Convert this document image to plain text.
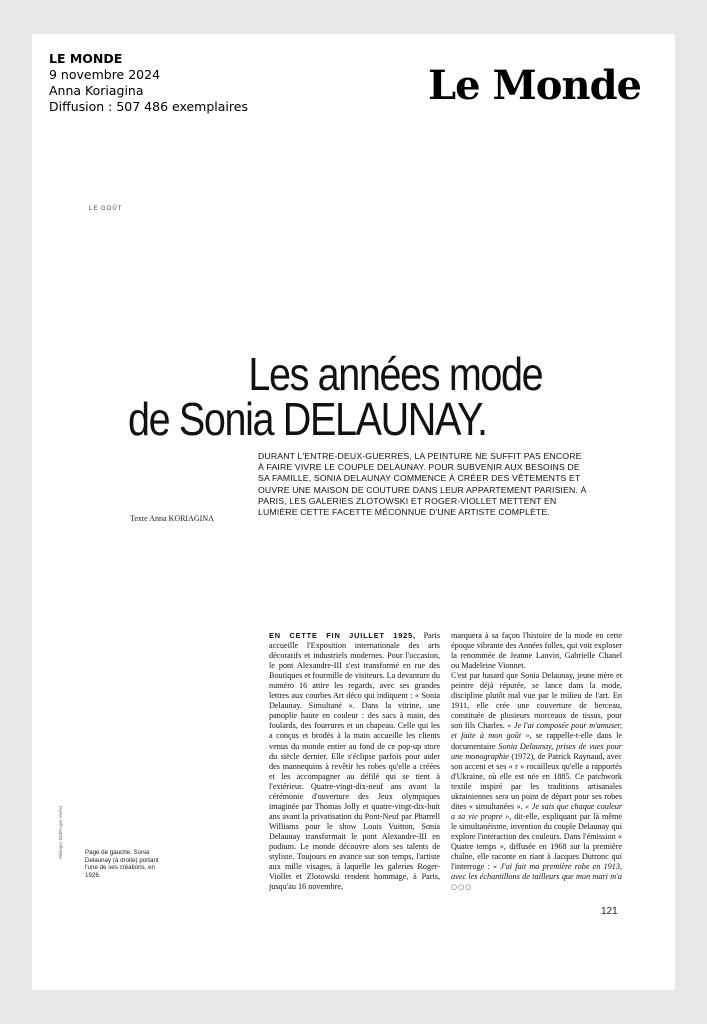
LE MONDE
9 novembre 2024
Anna Koriagina
Diffusion : 507 486 exemplaires	Le Monde
LE GOÛT
Les années mode
de Sonia DELAUNAY.
DURANT L'ENTRE-DEUX-GUERRES, LA PEINTURE NE SUFFIT PAS ENCORE À FAIRE VIVRE LE COUPLE DELAUNAY. POUR SUBVENIR AUX BESOINS DE SA FAMILLE, SONIA DELAUNAY COMMENCE À CRÉER DES VÊTEMENTS ET OUVRE UNE MAISON DE COUTURE DANS LEUR APPARTEMENT PARISIEN. À PARIS, LES GALERIES ZLOTOWSKI ET ROGER-VIOLLET METTENT EN LUMIÈRE CETTE FACETTE MÉCONNUE D'UNE ARTISTE COMPLÈTE.
Texte Anna KORIAGINA

EN CETTE FIN JUILLET 1925, Paris accueille l'Exposition internationale des arts décoratifs et industriels modernes. Pour l'occasion, le pont Alexandre-III s'est transformé en rue des Boutiques et fourmille de visiteurs. La devanture du numéro 16 attire les regards, avec ses grandes lettres aux courbes Art déco qui indiquent : « Sonia Delaunay. Simultané ». Dans la vitrine, une panoplie haute en couleur : des sacs à main, des foulards, des fourrures et un chapeau. Celle qui les a conçus et brodés à la main accueille les clients venus du monde entier au fond de ce pop-up store du siècle dernier. Elle s'éclipse parfois pour aider des mannequins à revêtir les robes qu'elle a créées et les accompagner au défilé qui se tient à l'extérieur. Quatre-vingt-dix-neuf ans avant la cérémonie d'ouverture des Jeux olympiques imaginée par Thomas Jolly et quatre-vingt-dix-huit ans avant la privatisation du Pont-Neuf par Pharrell Williams pour le show Louis Vuitton, Sonia Delaunay transformait le pont Alexandre-III en podium. Le monde découvre alors ses talents de styliste. Toujours en avance sur son temps, l'artiste aux mille visages, à laquelle les galeries Roger-Viollet et Zlotowski rendent hommage, à Paris, jusqu'au 16 novembre,

marquera à sa façon l'histoire de la mode en cette époque vibrante des Années folles, qui voit exploser la renommée de Jeanne Lanvin, Gabrielle Chanel ou Madeleine Vionnet.

C'est par hasard que Sonia Delaunay, jeune mère et peintre déjà réputée, se lance dans la mode, discipline plutôt mal vue par le milieu de l'art. En 1911, elle crée une couverture de berceau, constituée de plusieurs morceaux de tissus, pour son fils Charles. « Je l'ai composée pour m'amuser, et faite à mon goût », se rappelle-t-elle dans le documentaire Sonia Delaunay, prises de vues pour une monographie (1972), de Patrick Raynaud, avec son accent et ses « r » rocailleux qu'elle a rapportés d'Ukraine, où elle est née en 1885. Ce patchwork textile inspiré par les traditions artisanales ukrainiennes sera un point de départ pour ses robes dites « simultanées ». « Je sais que chaque couleur a sa vie propre », dit-elle, expliquant par là même le simultanéisme, invention du couple Delaunay qui explore l'interaction des couleurs. Dans l'émission « Quatre temps », diffusée en 1968 sur la première chaîne, elle raconte en riant à Jacques Dutronc qui l'interroge : « J'ai fait ma première robe en 1913, avec les échantillons de tailleurs que mon mari m'a ○○○

Page de gauche. Sonia Delaunay (à droite) portant l'une de ses créations, en 1926.
Willinger Bild/Roger-Viollet
121
